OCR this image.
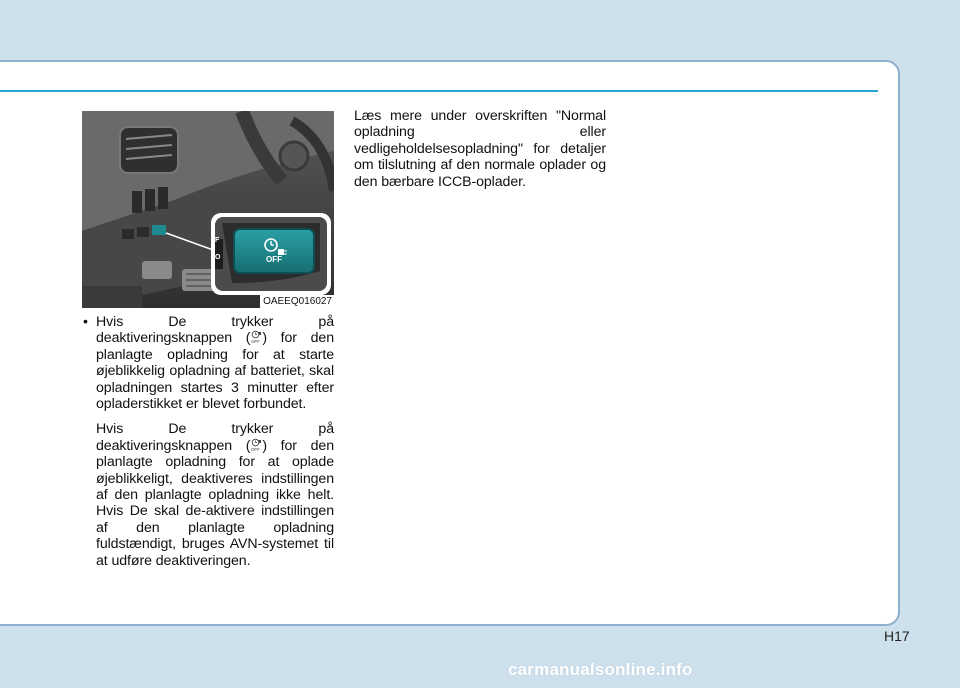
OFF
F
O
OAEEQ016027

• Hvis De trykker på deaktiveringsknappen ( OFF ) for den planlagte opladning for at starte øjeblikkelig opladning af batteriet, skal opladningen startes 3 minutter efter opladerstikket er blevet forbundet.

Hvis De trykker på deaktiveringsknappen ( OFF ) for den planlagte opladning for at oplade øjeblikkeligt, deaktiveres indstillingen af den planlagte opladning ikke helt. Hvis De skal de-aktivere indstillingen af den planlagte opladning fuldstændigt, bruges AVN-systemet til at udføre deaktiveringen.

Læs mere under overskriften "Normal opladning eller vedligeholdelsesopladning" for detaljer om tilslutning af den normale oplader og den bærbare ICCB-oplader.

H17
carmanualsonline.info
